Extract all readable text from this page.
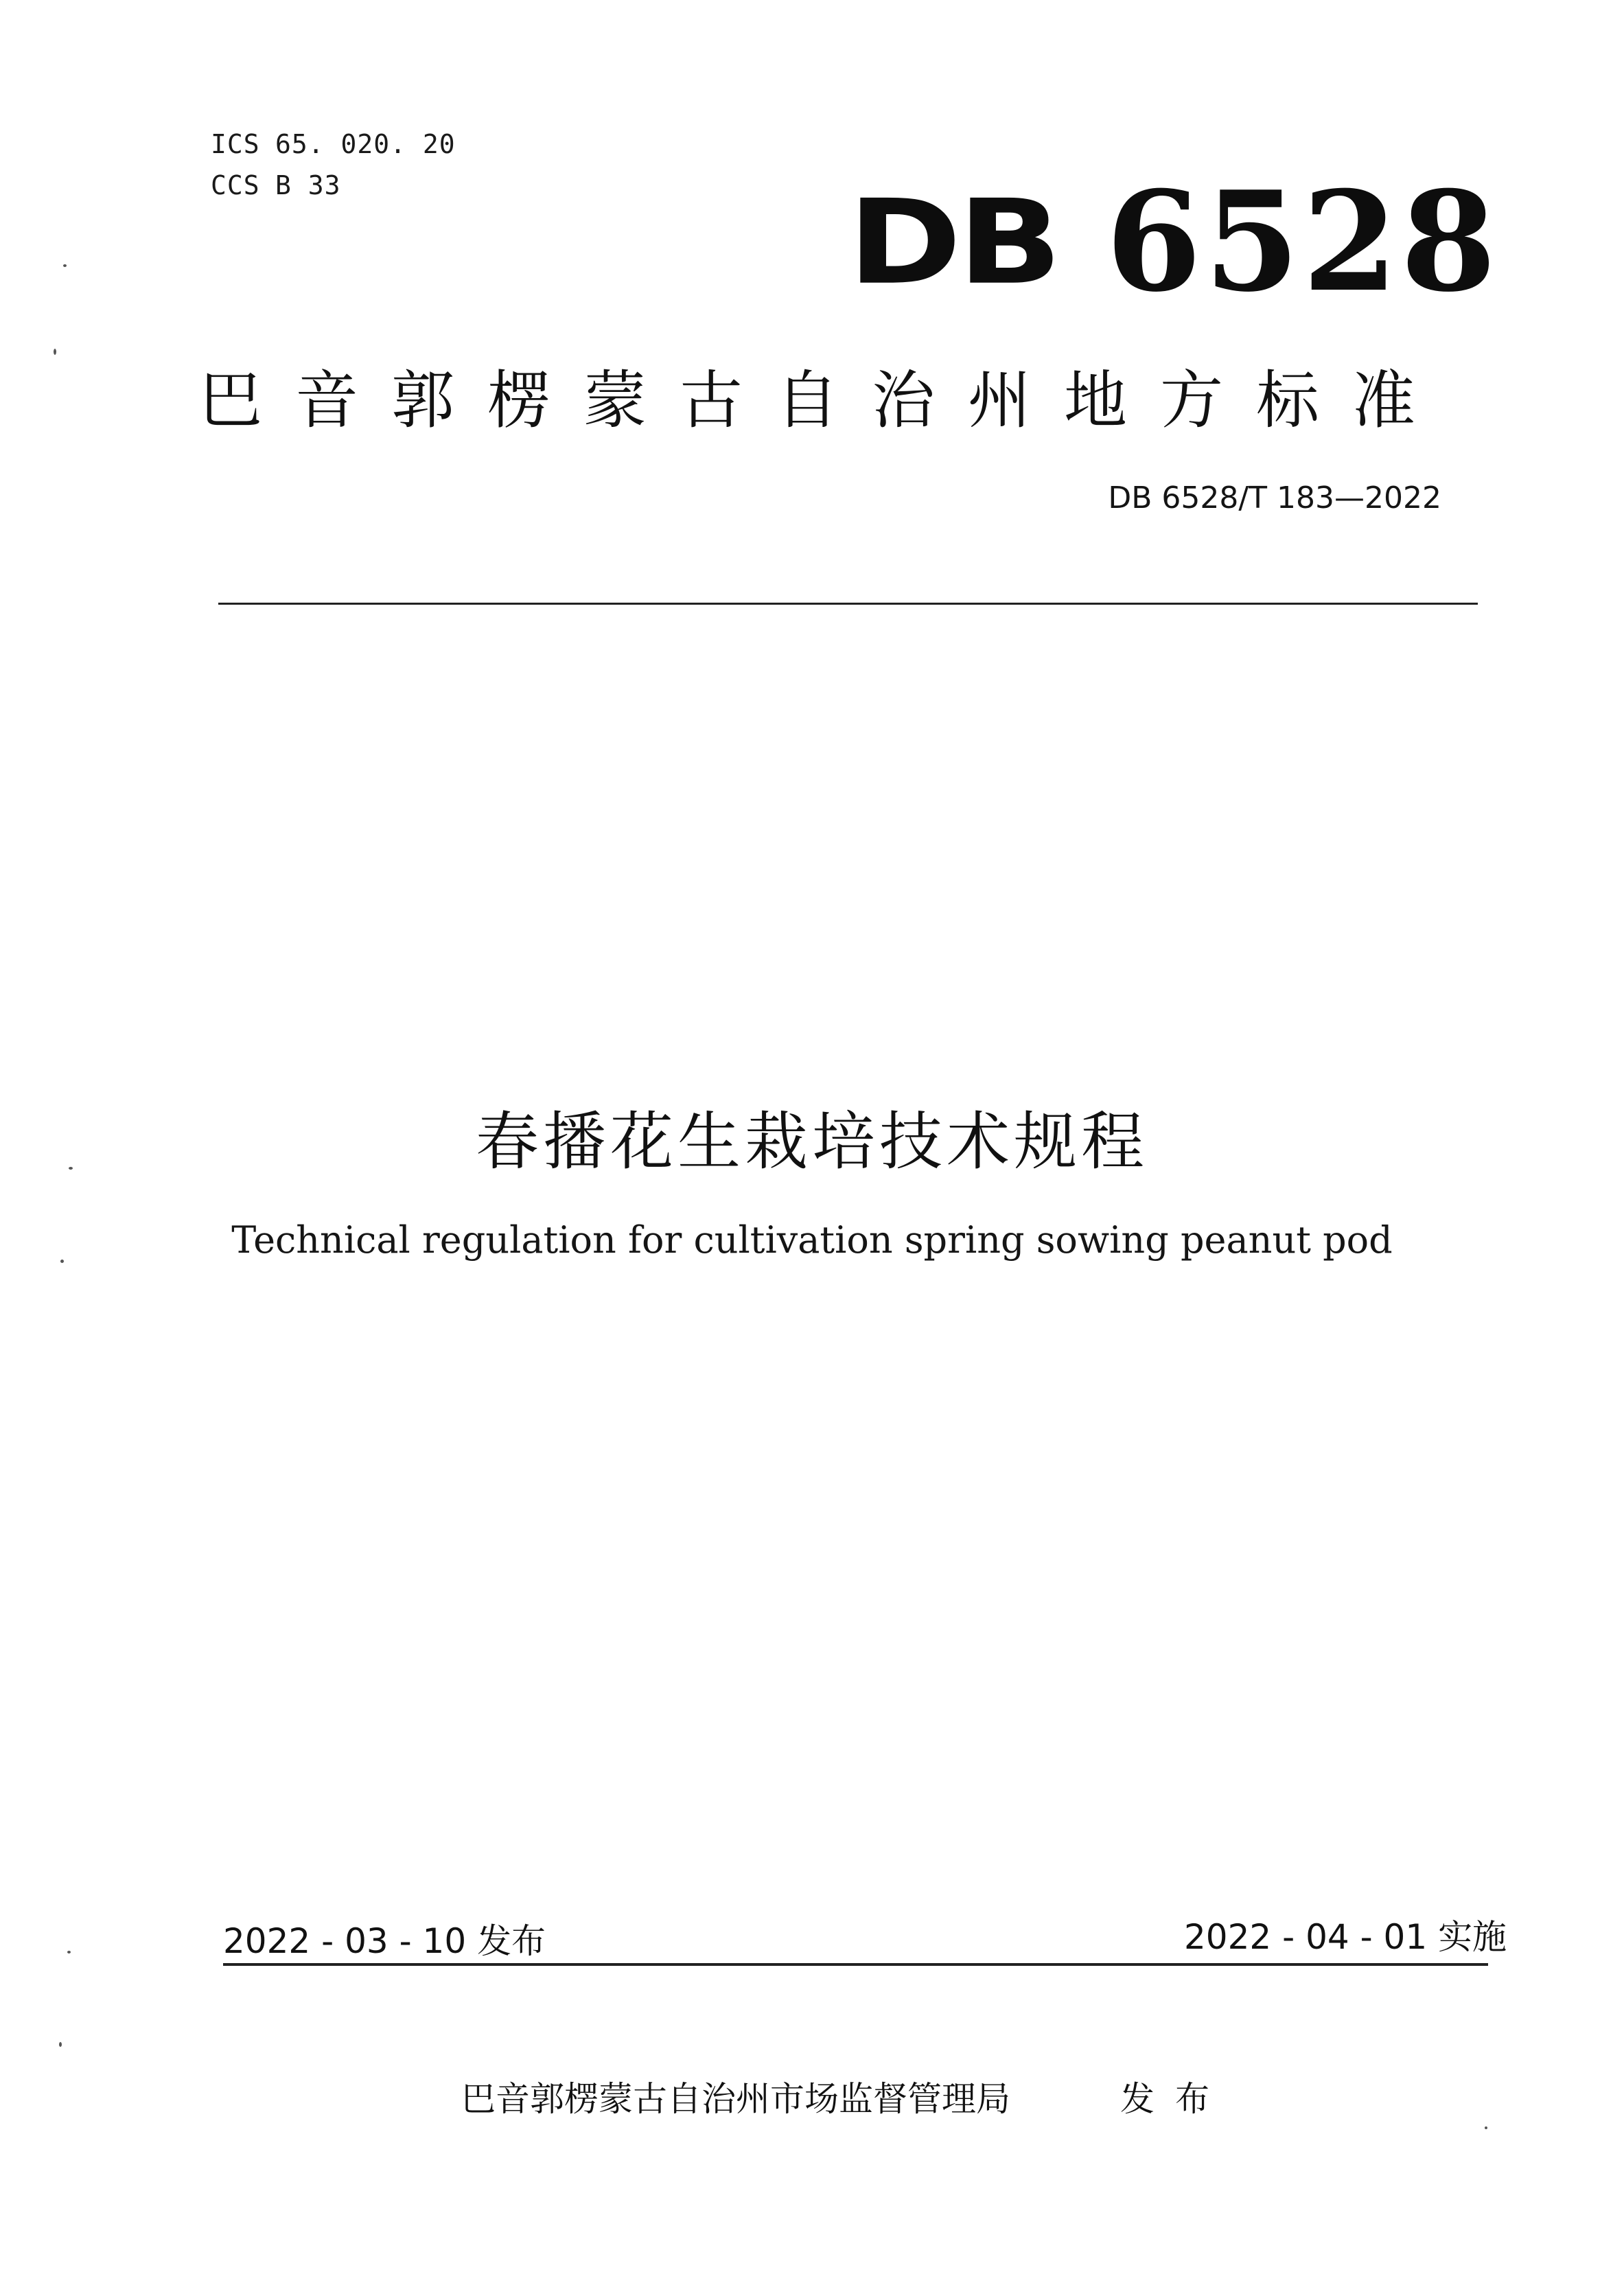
ICS 65. 020. 20
CCS B 33	DB 6528
巴音郭楞蒙古自治州地方标准
DB 6528/T 183—2022
春播花生栽培技术规程
Technical regulation for cultivation spring sowing peanut pod
2022 - 03 - 10 发布	2022 - 04 - 01 实施
巴音郭楞蒙古自治州市场监督管理局	发布
